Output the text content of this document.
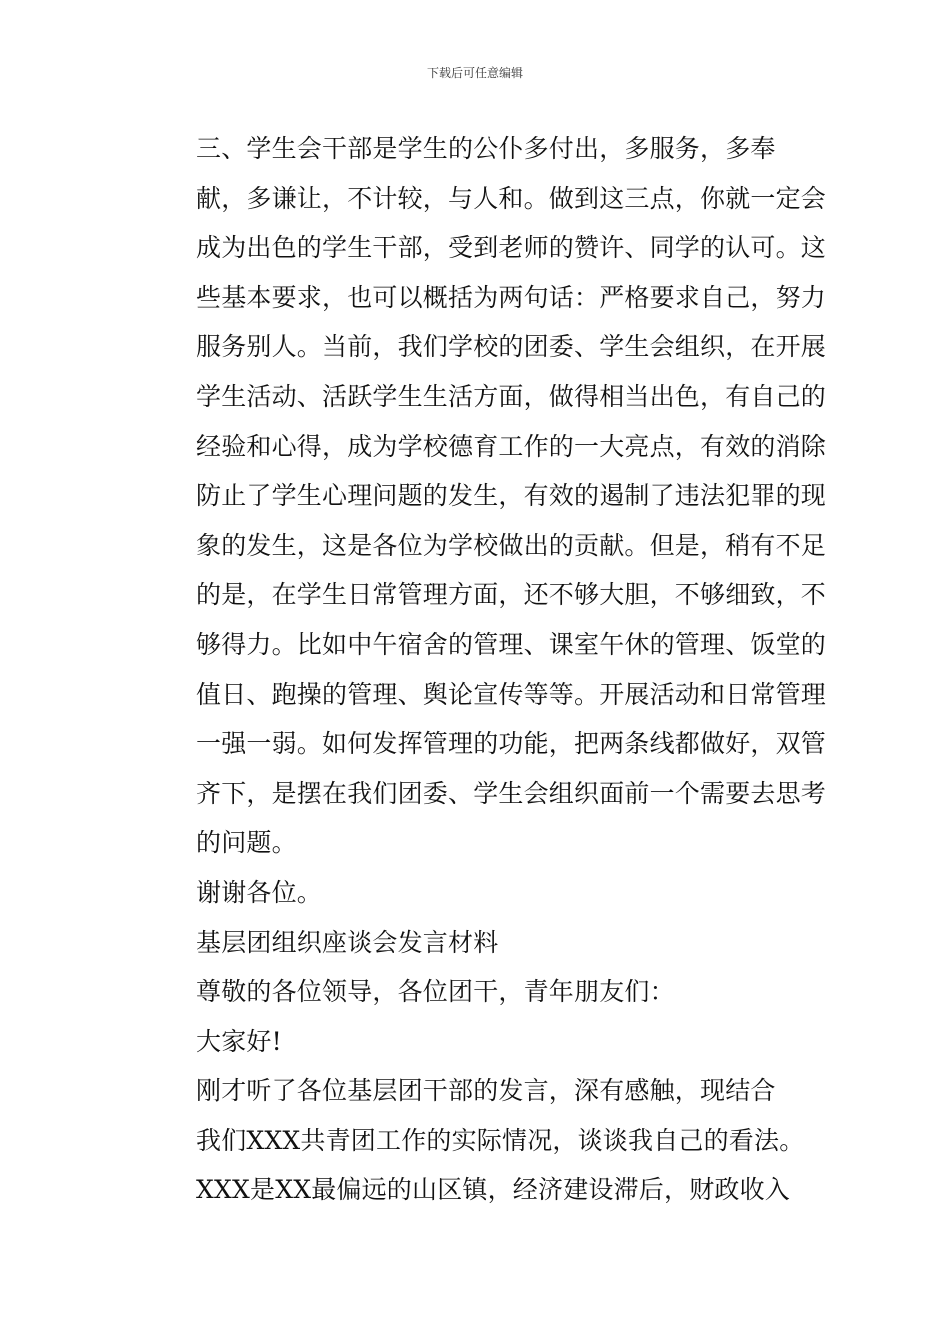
下载后可任意编辑

三、学生会干部是学生的公仆多付出，多服务，多奉
献，多谦让，不计较，与人和。做到这三点，你就一定会
成为出色的学生干部，受到老师的赞许、同学的认可。这
些基本要求，也可以概括为两句话：严格要求自己，努力
服务别人。当前，我们学校的团委、学生会组织，在开展
学生活动、活跃学生生活方面，做得相当出色，有自己的
经验和心得，成为学校德育工作的一大亮点，有效的消除
防止了学生心理问题的发生，有效的遏制了违法犯罪的现
象的发生，这是各位为学校做出的贡献。但是，稍有不足
的是，在学生日常管理方面，还不够大胆，不够细致，不
够得力。比如中午宿舍的管理、课室午休的管理、饭堂的
值日、跑操的管理、舆论宣传等等。开展活动和日常管理
一强一弱。如何发挥管理的功能，把两条线都做好，双管
齐下，是摆在我们团委、学生会组织面前一个需要去思考
的问题。

谢谢各位。

基层团组织座谈会发言材料

尊敬的各位领导，各位团干，青年朋友们：

大家好!

刚才听了各位基层团干部的发言，深有感触，现结合
我们XXX共青团工作的实际情况，谈谈我自己的看法。

XXX是XX最偏远的山区镇，经济建设滞后，财政收入
